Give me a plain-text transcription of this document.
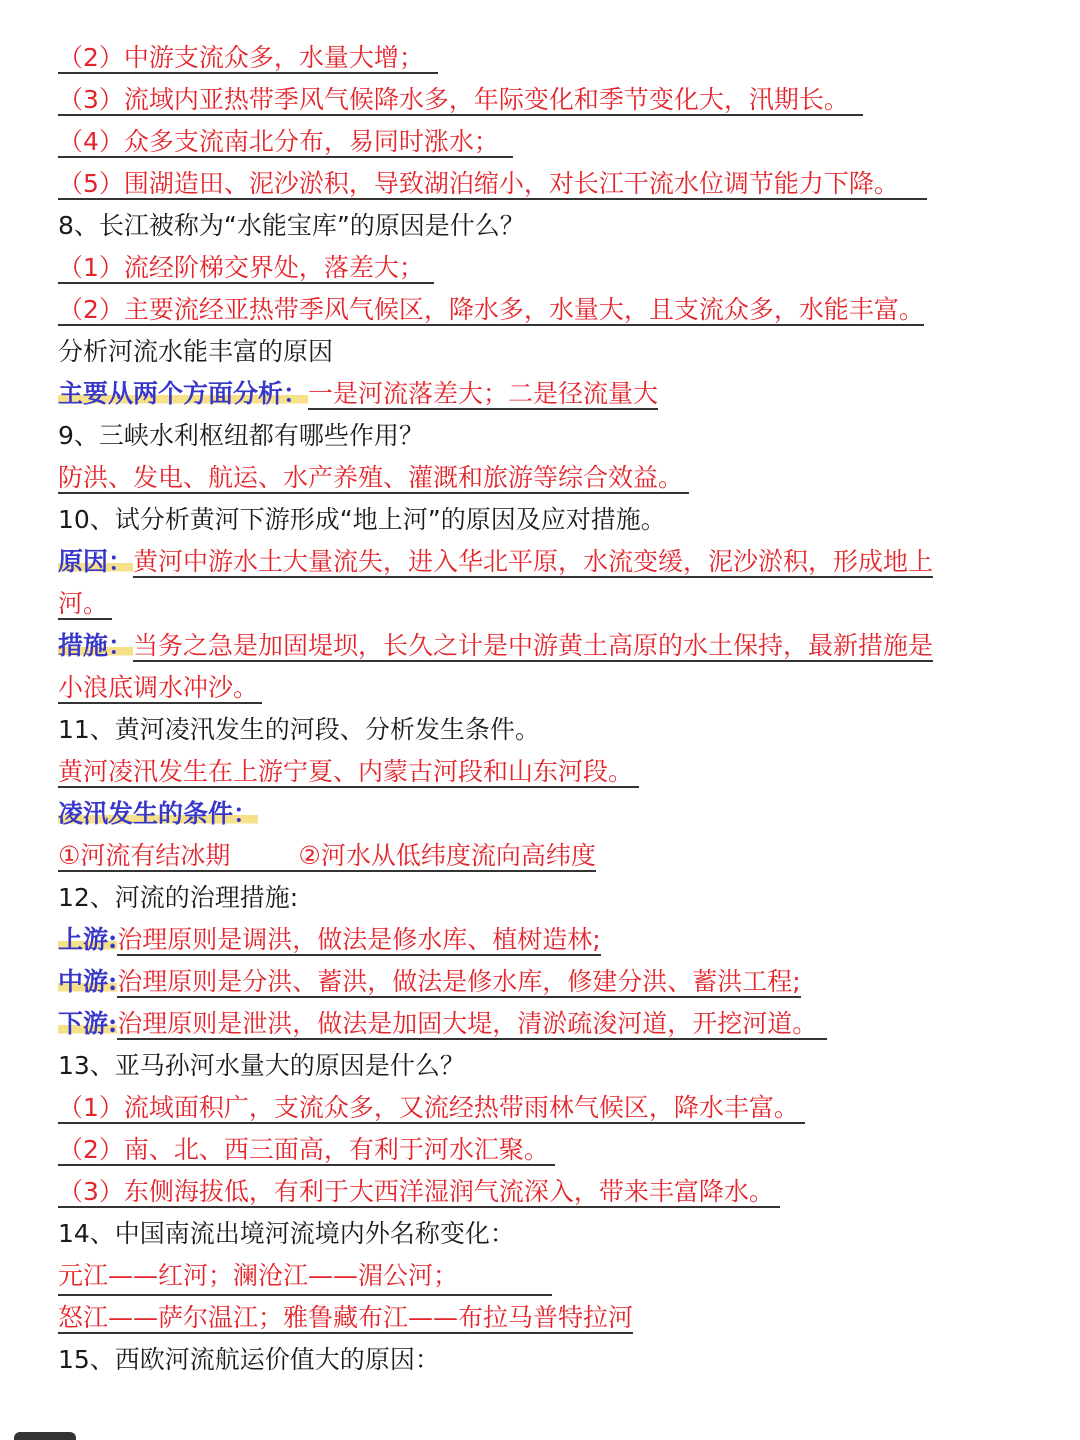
（2）中游支流众多，水量大增；
（3）流域内亚热带季风气候降水多，年际变化和季节变化大，汛期长。
（4）众多支流南北分布，易同时涨水；
（5）围湖造田、泥沙淤积，导致湖泊缩小，对长江干流水位调节能力下降。
8、长江被称为“水能宝库”的原因是什么？
（1）流经阶梯交界处，落差大；
（2）主要流经亚热带季风气候区，降水多，水量大，且支流众多，水能丰富。
分析河流水能丰富的原因
主要从两个方面分析：一是河流落差大；二是径流量大
9、三峡水利枢纽都有哪些作用？
防洪、发电、航运、水产养殖、灌溉和旅游等综合效益。
10、试分析黄河下游形成“地上河”的原因及应对措施。
原因：黄河中游水土大量流失，进入华北平原，水流变缓，泥沙淤积，形成地上
河。
措施：当务之急是加固堤坝，长久之计是中游黄土高原的水土保持，最新措施是
小浪底调水冲沙。
11、黄河凌汛发生的河段、分析发生条件。
黄河凌汛发生在上游宁夏、内蒙古河段和山东河段。
凌汛发生的条件：
①河流有结冰期	②河水从低纬度流向高纬度
12、河流的治理措施:
上游:治理原则是调洪，做法是修水库、植树造林;
中游:治理原则是分洪、蓄洪，做法是修水库，修建分洪、蓄洪工程;
下游:治理原则是泄洪，做法是加固大堤，清淤疏浚河道，开挖河道。
13、亚马孙河水量大的原因是什么？
（1）流域面积广，支流众多，又流经热带雨林气候区，降水丰富。
（2）南、北、西三面高，有利于河水汇聚。
（3）东侧海拔低，有利于大西洋湿润气流深入，带来丰富降水。
14、中国南流出境河流境内外名称变化：
元江——红河；澜沧江——湄公河；
怒江——萨尔温江；雅鲁藏布江——布拉马普特拉河
15、西欧河流航运价值大的原因：
